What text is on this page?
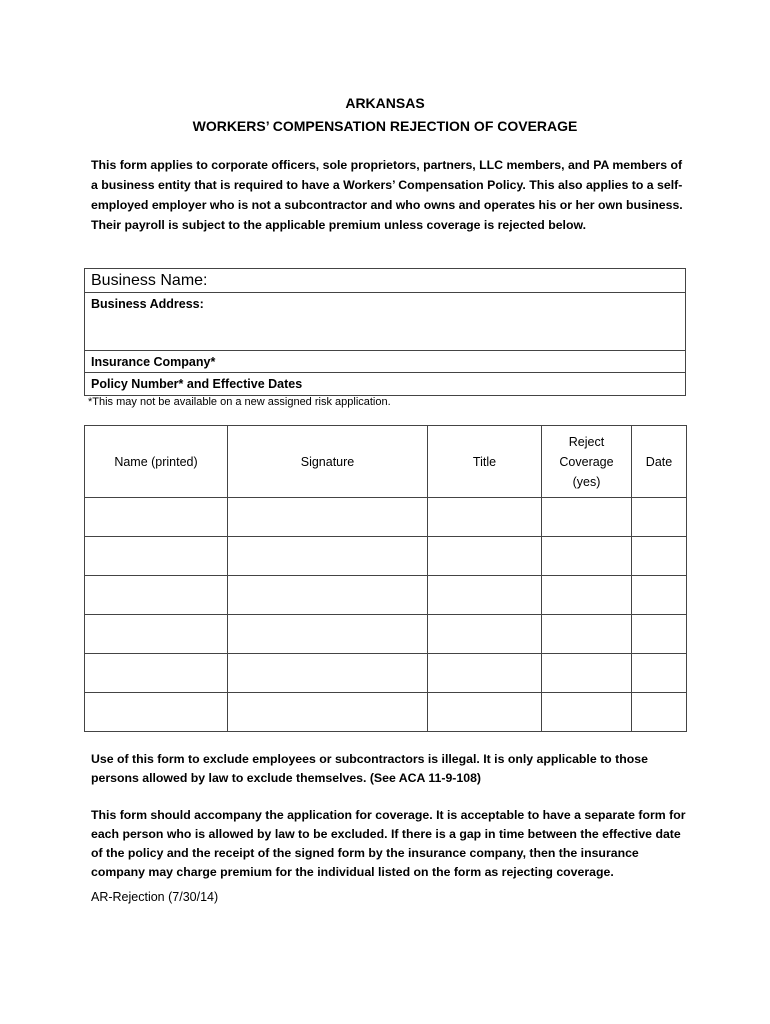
ARKANSAS
WORKERS’ COMPENSATION REJECTION OF COVERAGE
This form applies to corporate officers, sole proprietors, partners, LLC members, and PA members of a business entity that is required to have a Workers’ Compensation Policy. This also applies to a self-employed employer who is not a subcontractor and who owns and operates his or her own business. Their payroll is subject to the applicable premium unless coverage is rejected below.
Business Name:
Business Address:
Insurance Company*
Policy Number* and Effective Dates
*This may not be available on a new assigned risk application.
Name (printed)	Signature	Title	Reject Coverage (yes)	Date

Use of this form to exclude employees or subcontractors is illegal. It is only applicable to those persons allowed by law to exclude themselves. (See ACA 11-9-108)
This form should accompany the application for coverage. It is acceptable to have a separate form for each person who is allowed by law to be excluded. If there is a gap in time between the effective date of the policy and the receipt of the signed form by the insurance company, then the insurance company may charge premium for the individual listed on the form as rejecting coverage.
AR-Rejection (7/30/14)
